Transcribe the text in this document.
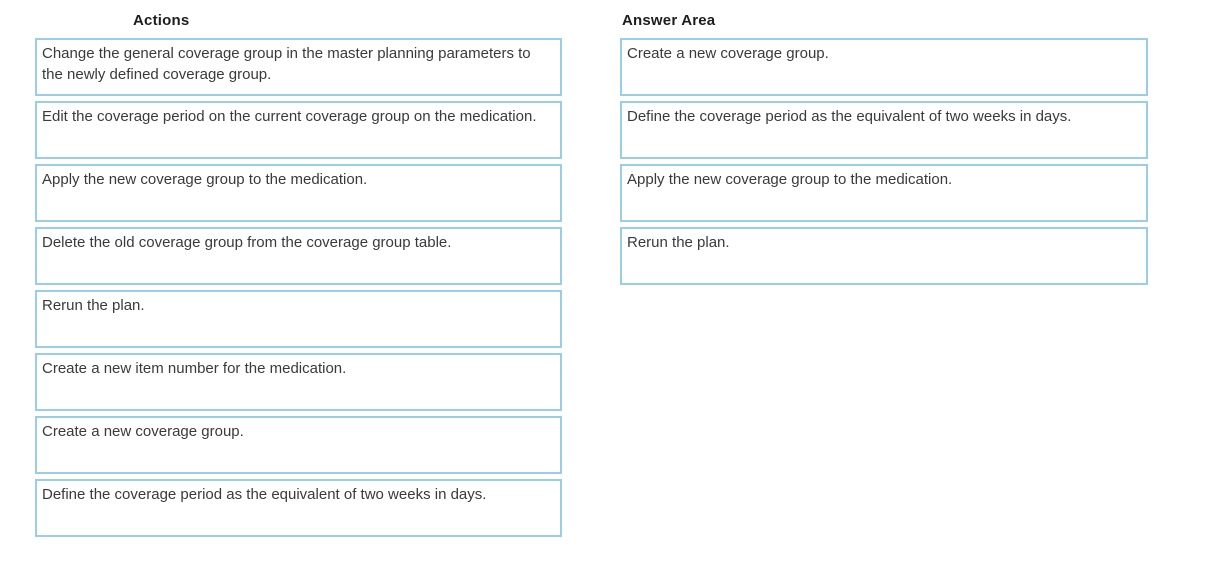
Actions
Change the general coverage group in the master planning parameters to the newly defined coverage group.
Edit the coverage period on the current coverage group on the medication.
Apply the new coverage group to the medication.
Delete the old coverage group from the coverage group table.
Rerun the plan.
Create a new item number for the medication.
Create a new coverage group.
Define the coverage period as the equivalent of two weeks in days.
Answer Area
Create a new coverage group.
Define the coverage period as the equivalent of two weeks in days.
Apply the new coverage group to the medication.
Rerun the plan.
